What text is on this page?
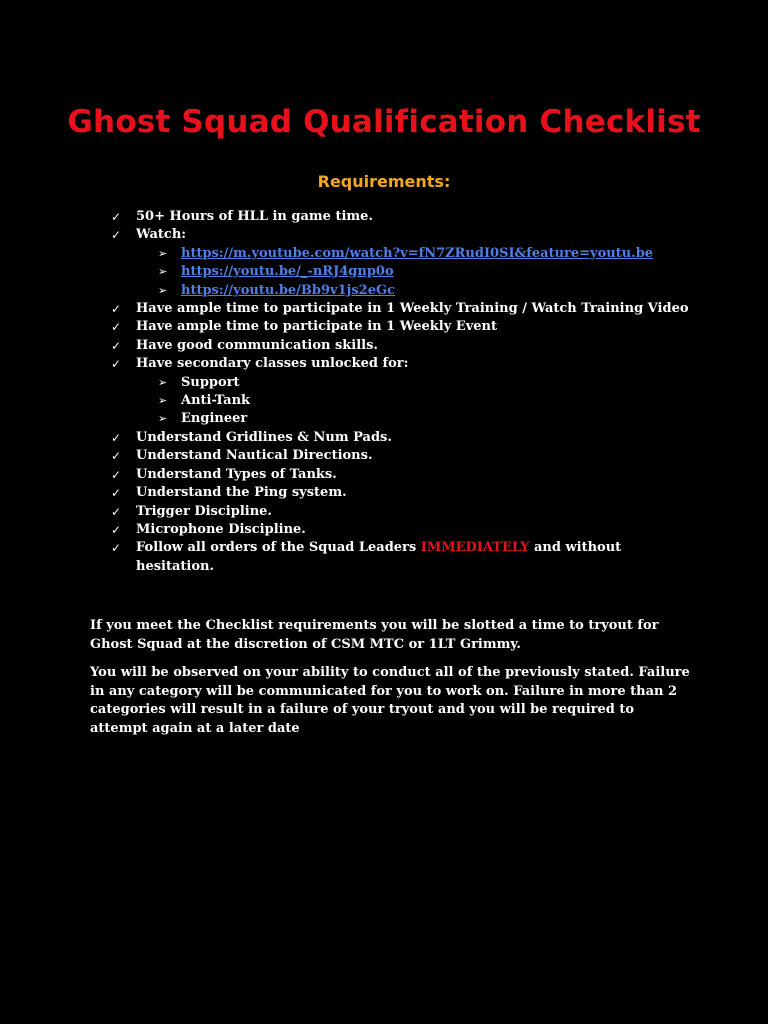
Ghost Squad Qualification Checklist
Requirements:
✓	50+ Hours of HLL in game time.
✓	Watch:
➢ https://m.youtube.com/watch?v=fN7ZRudI0SI&feature=youtu.be
➢ https://youtu.be/_-nRJ4gnp0o
➢ https://youtu.be/Bb9v1js2eGc
✓	Have ample time to participate in 1 Weekly Training / Watch Training Video
✓	Have ample time to participate in 1 Weekly Event
✓	Have good communication skills.
✓	Have secondary classes unlocked for:
➢ Support
➢ Anti-Tank
➢ Engineer
✓	Understand Gridlines & Num Pads.
✓	Understand Nautical Directions.
✓	Understand Types of Tanks.
✓	Understand the Ping system.
✓	Trigger Discipline.
✓	Microphone Discipline.
✓	Follow all orders of the Squad Leaders IMMEDIATELY and without hesitation.

If you meet the Checklist requirements you will be slotted a time to tryout for Ghost Squad at the discretion of CSM MTC or 1LT Grimmy.

You will be observed on your ability to conduct all of the previously stated. Failure in any category will be communicated for you to work on. Failure in more than 2 categories will result in a failure of your tryout and you will be required to attempt again at a later date
